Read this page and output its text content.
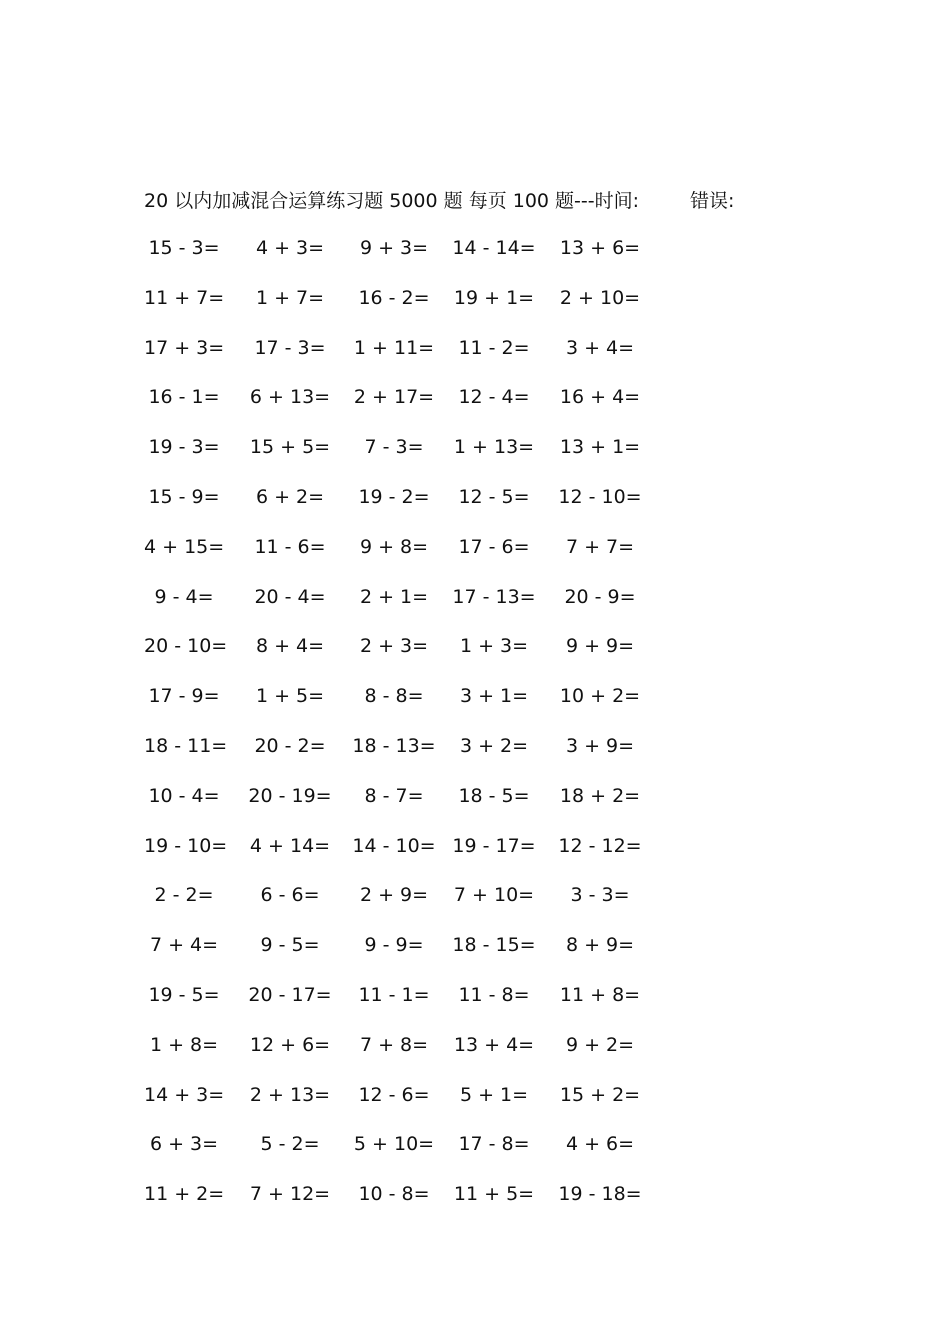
20 以内加减混合运算练习题 5000 题 每页 100 题---时间:	错误:
15 - 3= 4 + 3= 9 + 3= 14 - 14= 13 + 6=
11 + 7= 1 + 7= 16 - 2= 19 + 1= 2 + 10=
17 + 3= 17 - 3= 1 + 11= 11 - 2= 3 + 4=
16 - 1= 6 + 13= 2 + 17= 12 - 4= 16 + 4=
19 - 3= 15 + 5= 7 - 3= 1 + 13= 13 + 1=
15 - 9= 6 + 2= 19 - 2= 12 - 5= 12 - 10=
4 + 15= 11 - 6= 9 + 8= 17 - 6= 7 + 7=
9 - 4= 20 - 4= 2 + 1= 17 - 13= 20 - 9=
20 - 10= 8 + 4= 2 + 3= 1 + 3= 9 + 9=
17 - 9= 1 + 5= 8 - 8= 3 + 1= 10 + 2=
18 - 11= 20 - 2= 18 - 13= 3 + 2= 3 + 9=
10 - 4= 20 - 19= 8 - 7= 18 - 5= 18 + 2=
19 - 10= 4 + 14= 14 - 10= 19 - 17= 12 - 12=
2 - 2= 6 - 6= 2 + 9= 7 + 10= 3 - 3=
7 + 4= 9 - 5= 9 - 9= 18 - 15= 8 + 9=
19 - 5= 20 - 17= 11 - 1= 11 - 8= 11 + 8=
1 + 8= 12 + 6= 7 + 8= 13 + 4= 9 + 2=
14 + 3= 2 + 13= 12 - 6= 5 + 1= 15 + 2=
6 + 3= 5 - 2= 5 + 10= 17 - 8= 4 + 6=
11 + 2= 7 + 12= 10 - 8= 11 + 5= 19 - 18=
